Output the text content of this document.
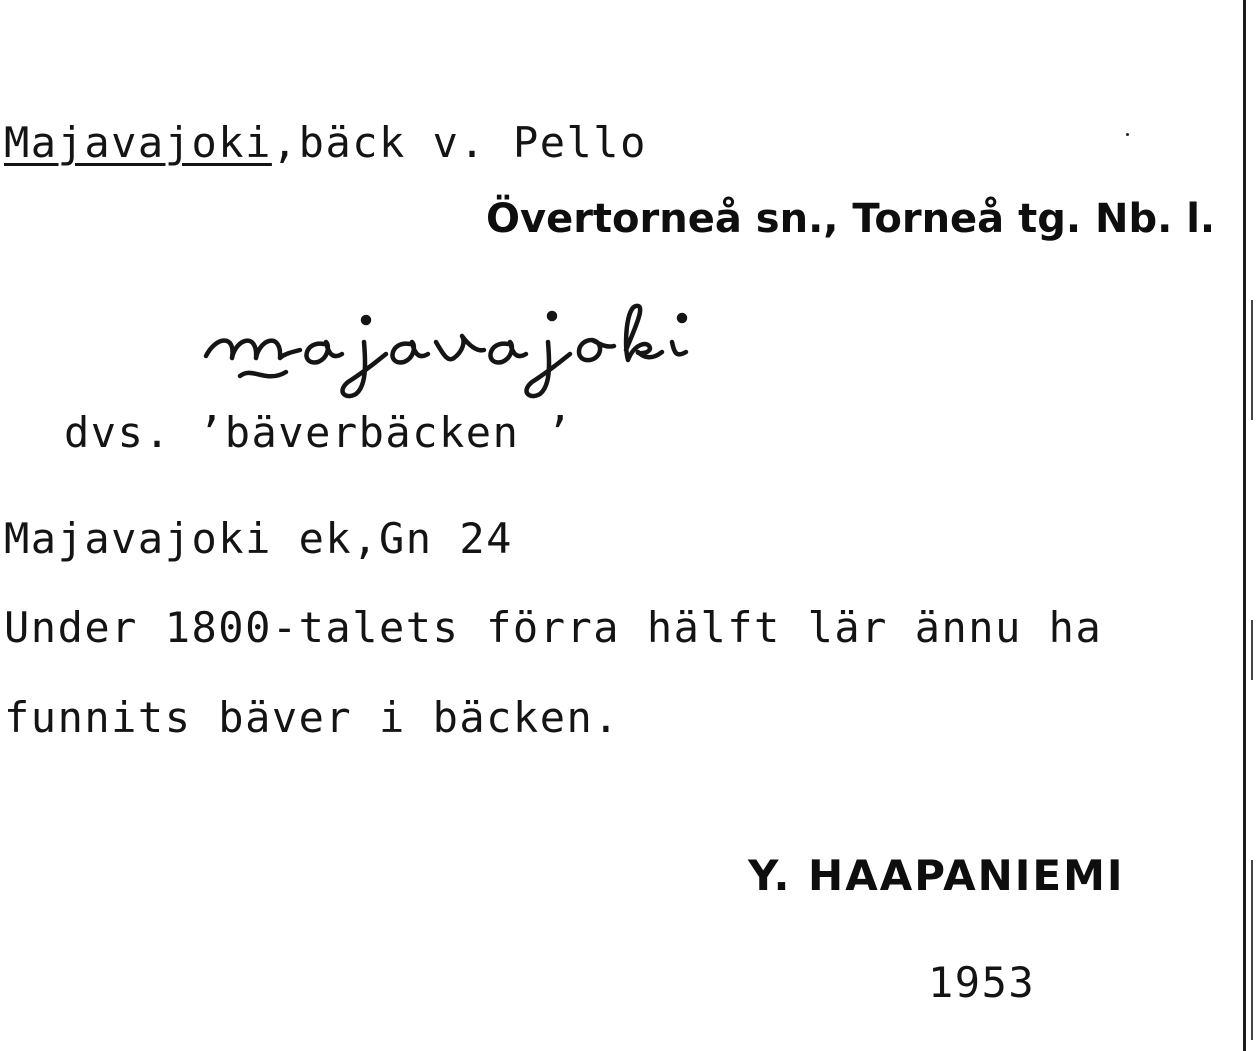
Majavajoki,bäck v. Pello
Övertorneå sn., Torneå tg. Nb. l.
dvs. ’bäverbäcken ’
Majavajoki ek,Gn 24
Under 1800-talets förra hälft lär ännu ha
funnits bäver i bäcken.
Y. HAAPANIEMI
1953
